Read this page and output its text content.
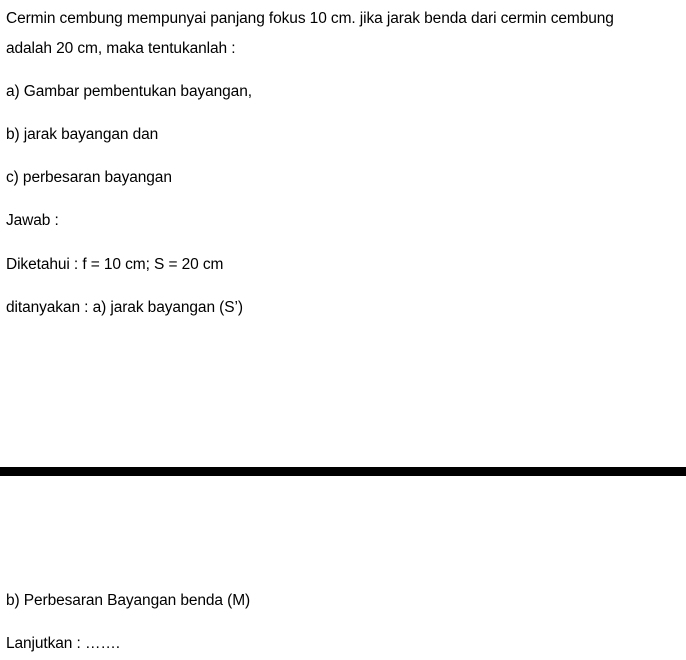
Cermin cembung mempunyai panjang fokus 10 cm. jika jarak benda dari cermin cembung
adalah 20 cm, maka tentukanlah :
a) Gambar pembentukan bayangan,
b) jarak bayangan dan
c) perbesaran bayangan
Jawab :
Diketahui : f = 10 cm; S = 20 cm
ditanyakan : a) jarak bayangan (S’)
b) Perbesaran Bayangan benda (M)
Lanjutkan : …….
